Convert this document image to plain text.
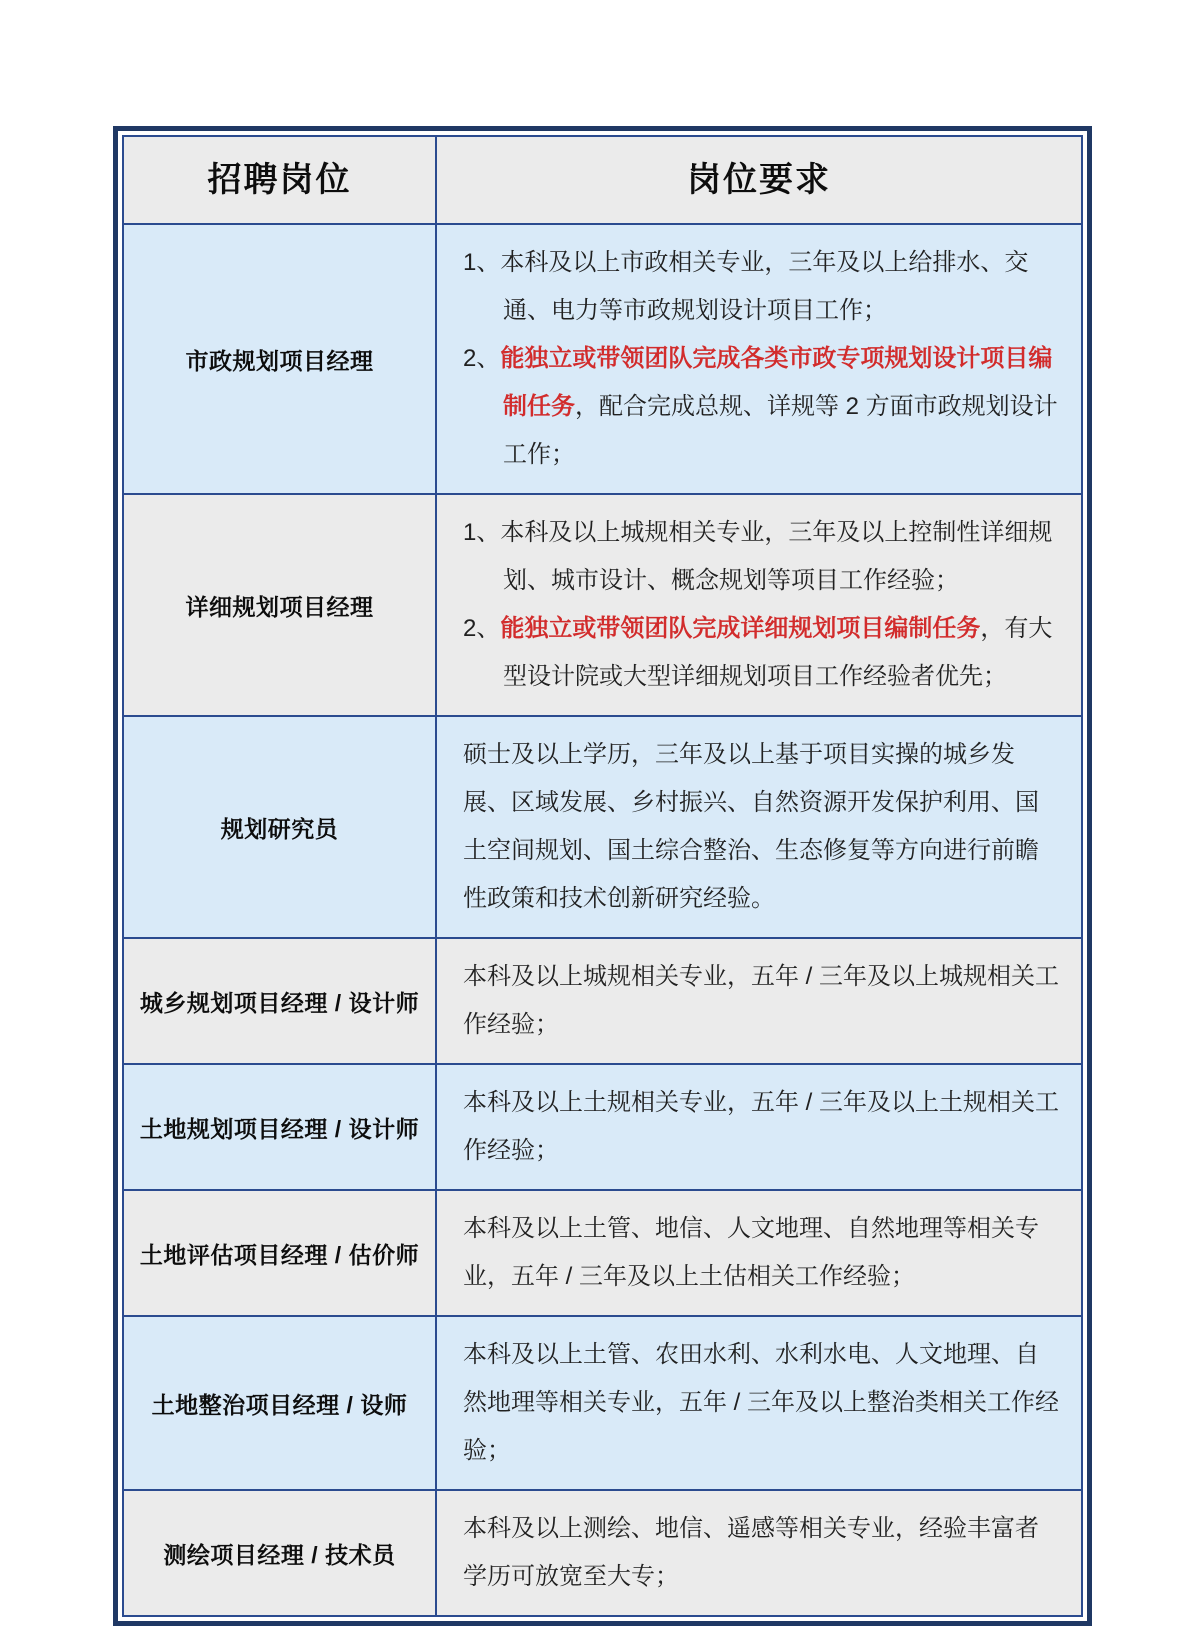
招聘岗位	岗位要求
市政规划项目经理
1、本科及以上市政相关专业，三年及以上给排水、交通、电力等市政规划设计项目工作；
2、能独立或带领团队完成各类市政专项规划设计项目编制任务，配合完成总规、详规等 2 方面市政规划设计工作；
详细规划项目经理
1、本科及以上城规相关专业，三年及以上控制性详细规划、城市设计、概念规划等项目工作经验；
2、能独立或带领团队完成详细规划项目编制任务，有大型设计院或大型详细规划项目工作经验者优先；
规划研究员
硕士及以上学历，三年及以上基于项目实操的城乡发展、区域发展、乡村振兴、自然资源开发保护利用、国土空间规划、国土综合整治、生态修复等方向进行前瞻性政策和技术创新研究经验。
城乡规划项目经理 / 设计师
本科及以上城规相关专业，五年 / 三年及以上城规相关工作经验；
土地规划项目经理 / 设计师
本科及以上土规相关专业，五年 / 三年及以上土规相关工作经验；
土地评估项目经理 / 估价师
本科及以上土管、地信、人文地理、自然地理等相关专业，五年 / 三年及以上土估相关工作经验；
土地整治项目经理 / 设师
本科及以上土管、农田水利、水利水电、人文地理、自然地理等相关专业，五年 / 三年及以上整治类相关工作经验；
测绘项目经理 / 技术员
本科及以上测绘、地信、遥感等相关专业，经验丰富者学历可放宽至大专；
